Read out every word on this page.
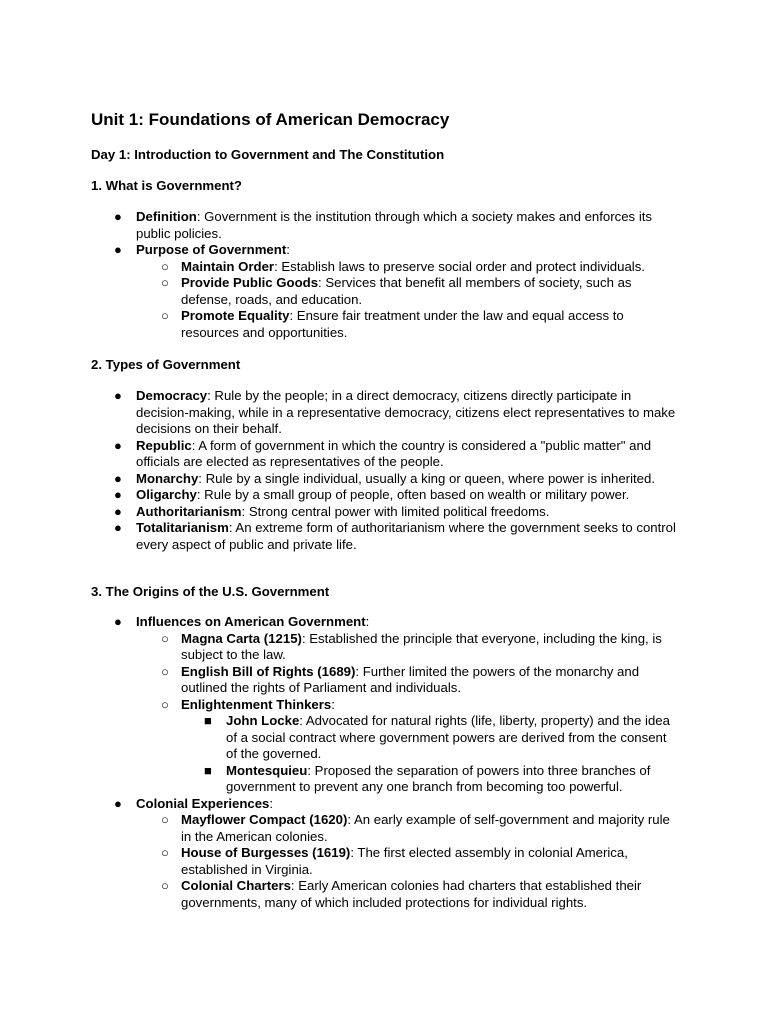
Unit 1: Foundations of American Democracy

Day 1: Introduction to Government and The Constitution

1. What is Government?

● Definition: Government is the institution through which a society makes and enforces its public policies.
● Purpose of Government:
○ Maintain Order: Establish laws to preserve social order and protect individuals.
○ Provide Public Goods: Services that benefit all members of society, such as defense, roads, and education.
○ Promote Equality: Ensure fair treatment under the law and equal access to resources and opportunities.

2. Types of Government

● Democracy: Rule by the people; in a direct democracy, citizens directly participate in decision-making, while in a representative democracy, citizens elect representatives to make decisions on their behalf.
● Republic: A form of government in which the country is considered a "public matter" and officials are elected as representatives of the people.
● Monarchy: Rule by a single individual, usually a king or queen, where power is inherited.
● Oligarchy: Rule by a small group of people, often based on wealth or military power.
● Authoritarianism: Strong central power with limited political freedoms.
● Totalitarianism: An extreme form of authoritarianism where the government seeks to control every aspect of public and private life.

3. The Origins of the U.S. Government

● Influences on American Government:
○ Magna Carta (1215): Established the principle that everyone, including the king, is subject to the law.
○ English Bill of Rights (1689): Further limited the powers of the monarchy and outlined the rights of Parliament and individuals.
○ Enlightenment Thinkers:
■ John Locke: Advocated for natural rights (life, liberty, property) and the idea of a social contract where government powers are derived from the consent of the governed.
■ Montesquieu: Proposed the separation of powers into three branches of government to prevent any one branch from becoming too powerful.
● Colonial Experiences:
○ Mayflower Compact (1620): An early example of self-government and majority rule in the American colonies.
○ House of Burgesses (1619): The first elected assembly in colonial America, established in Virginia.
○ Colonial Charters: Early American colonies had charters that established their governments, many of which included protections for individual rights.
